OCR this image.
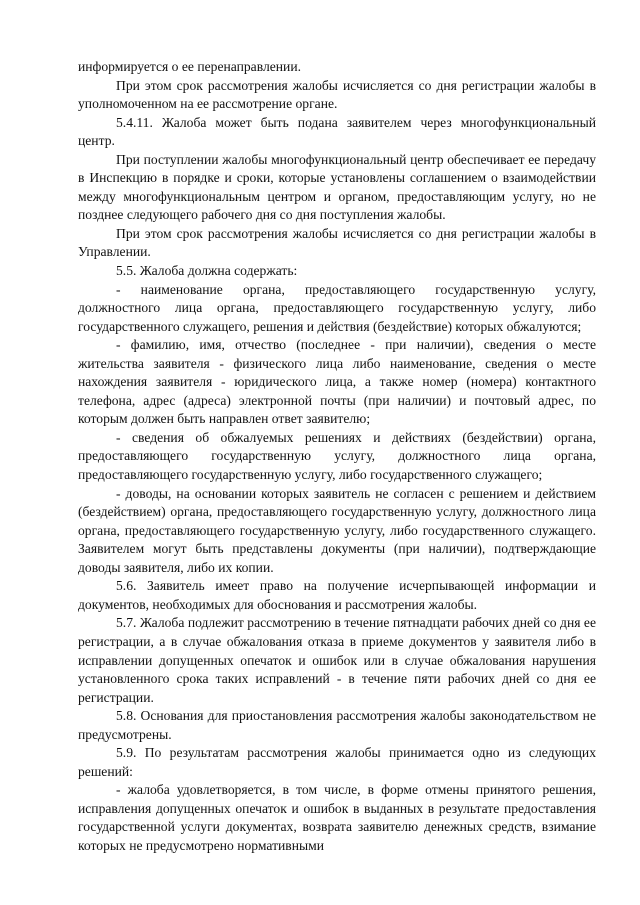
информируется о ее перенаправлении.

При этом срок рассмотрения жалобы исчисляется со дня регистрации жалобы в уполномоченном на ее рассмотрение органе.

5.4.11. Жалоба может быть подана заявителем через многофункциональный центр.

При поступлении жалобы многофункциональный центр обеспечивает ее передачу в Инспекцию в порядке и сроки, которые установлены соглашением о взаимодействии между многофункциональным центром и органом, предоставляющим услугу, но не позднее следующего рабочего дня со дня поступления жалобы.

При этом срок рассмотрения жалобы исчисляется со дня регистрации жалобы в Управлении.

5.5. Жалоба должна содержать:

- наименование органа, предоставляющего государственную услугу, должностного лица органа, предоставляющего государственную услугу, либо государственного служащего, решения и действия (бездействие) которых обжалуются;

- фамилию, имя, отчество (последнее - при наличии), сведения о месте жительства заявителя - физического лица либо наименование, сведения о месте нахождения заявителя - юридического лица, а также номер (номера) контактного телефона, адрес (адреса) электронной почты (при наличии) и почтовый адрес, по которым должен быть направлен ответ заявителю;

- сведения об обжалуемых решениях и действиях (бездействии) органа, предоставляющего государственную услугу, должностного лица органа, предоставляющего государственную услугу, либо государственного служащего;

- доводы, на основании которых заявитель не согласен с решением и действием (бездействием) органа, предоставляющего государственную услугу, должностного лица органа, предоставляющего государственную услугу, либо государственного служащего. Заявителем могут быть представлены документы (при наличии), подтверждающие доводы заявителя, либо их копии.

5.6. Заявитель имеет право на получение исчерпывающей информации и документов, необходимых для обоснования и рассмотрения жалобы.

5.7. Жалоба подлежит рассмотрению в течение пятнадцати рабочих дней со дня ее регистрации, а в случае обжалования отказа в приеме документов у заявителя либо в исправлении допущенных опечаток и ошибок или в случае обжалования нарушения установленного срока таких исправлений - в течение пяти рабочих дней со дня ее регистрации.

5.8. Основания для приостановления рассмотрения жалобы законодательством не предусмотрены.

5.9. По результатам рассмотрения жалобы принимается одно из следующих решений:

- жалоба удовлетворяется, в том числе, в форме отмены принятого решения, исправления допущенных опечаток и ошибок в выданных в результате предоставления государственной услуги документах, возврата заявителю денежных средств, взимание которых не предусмотрено нормативными
